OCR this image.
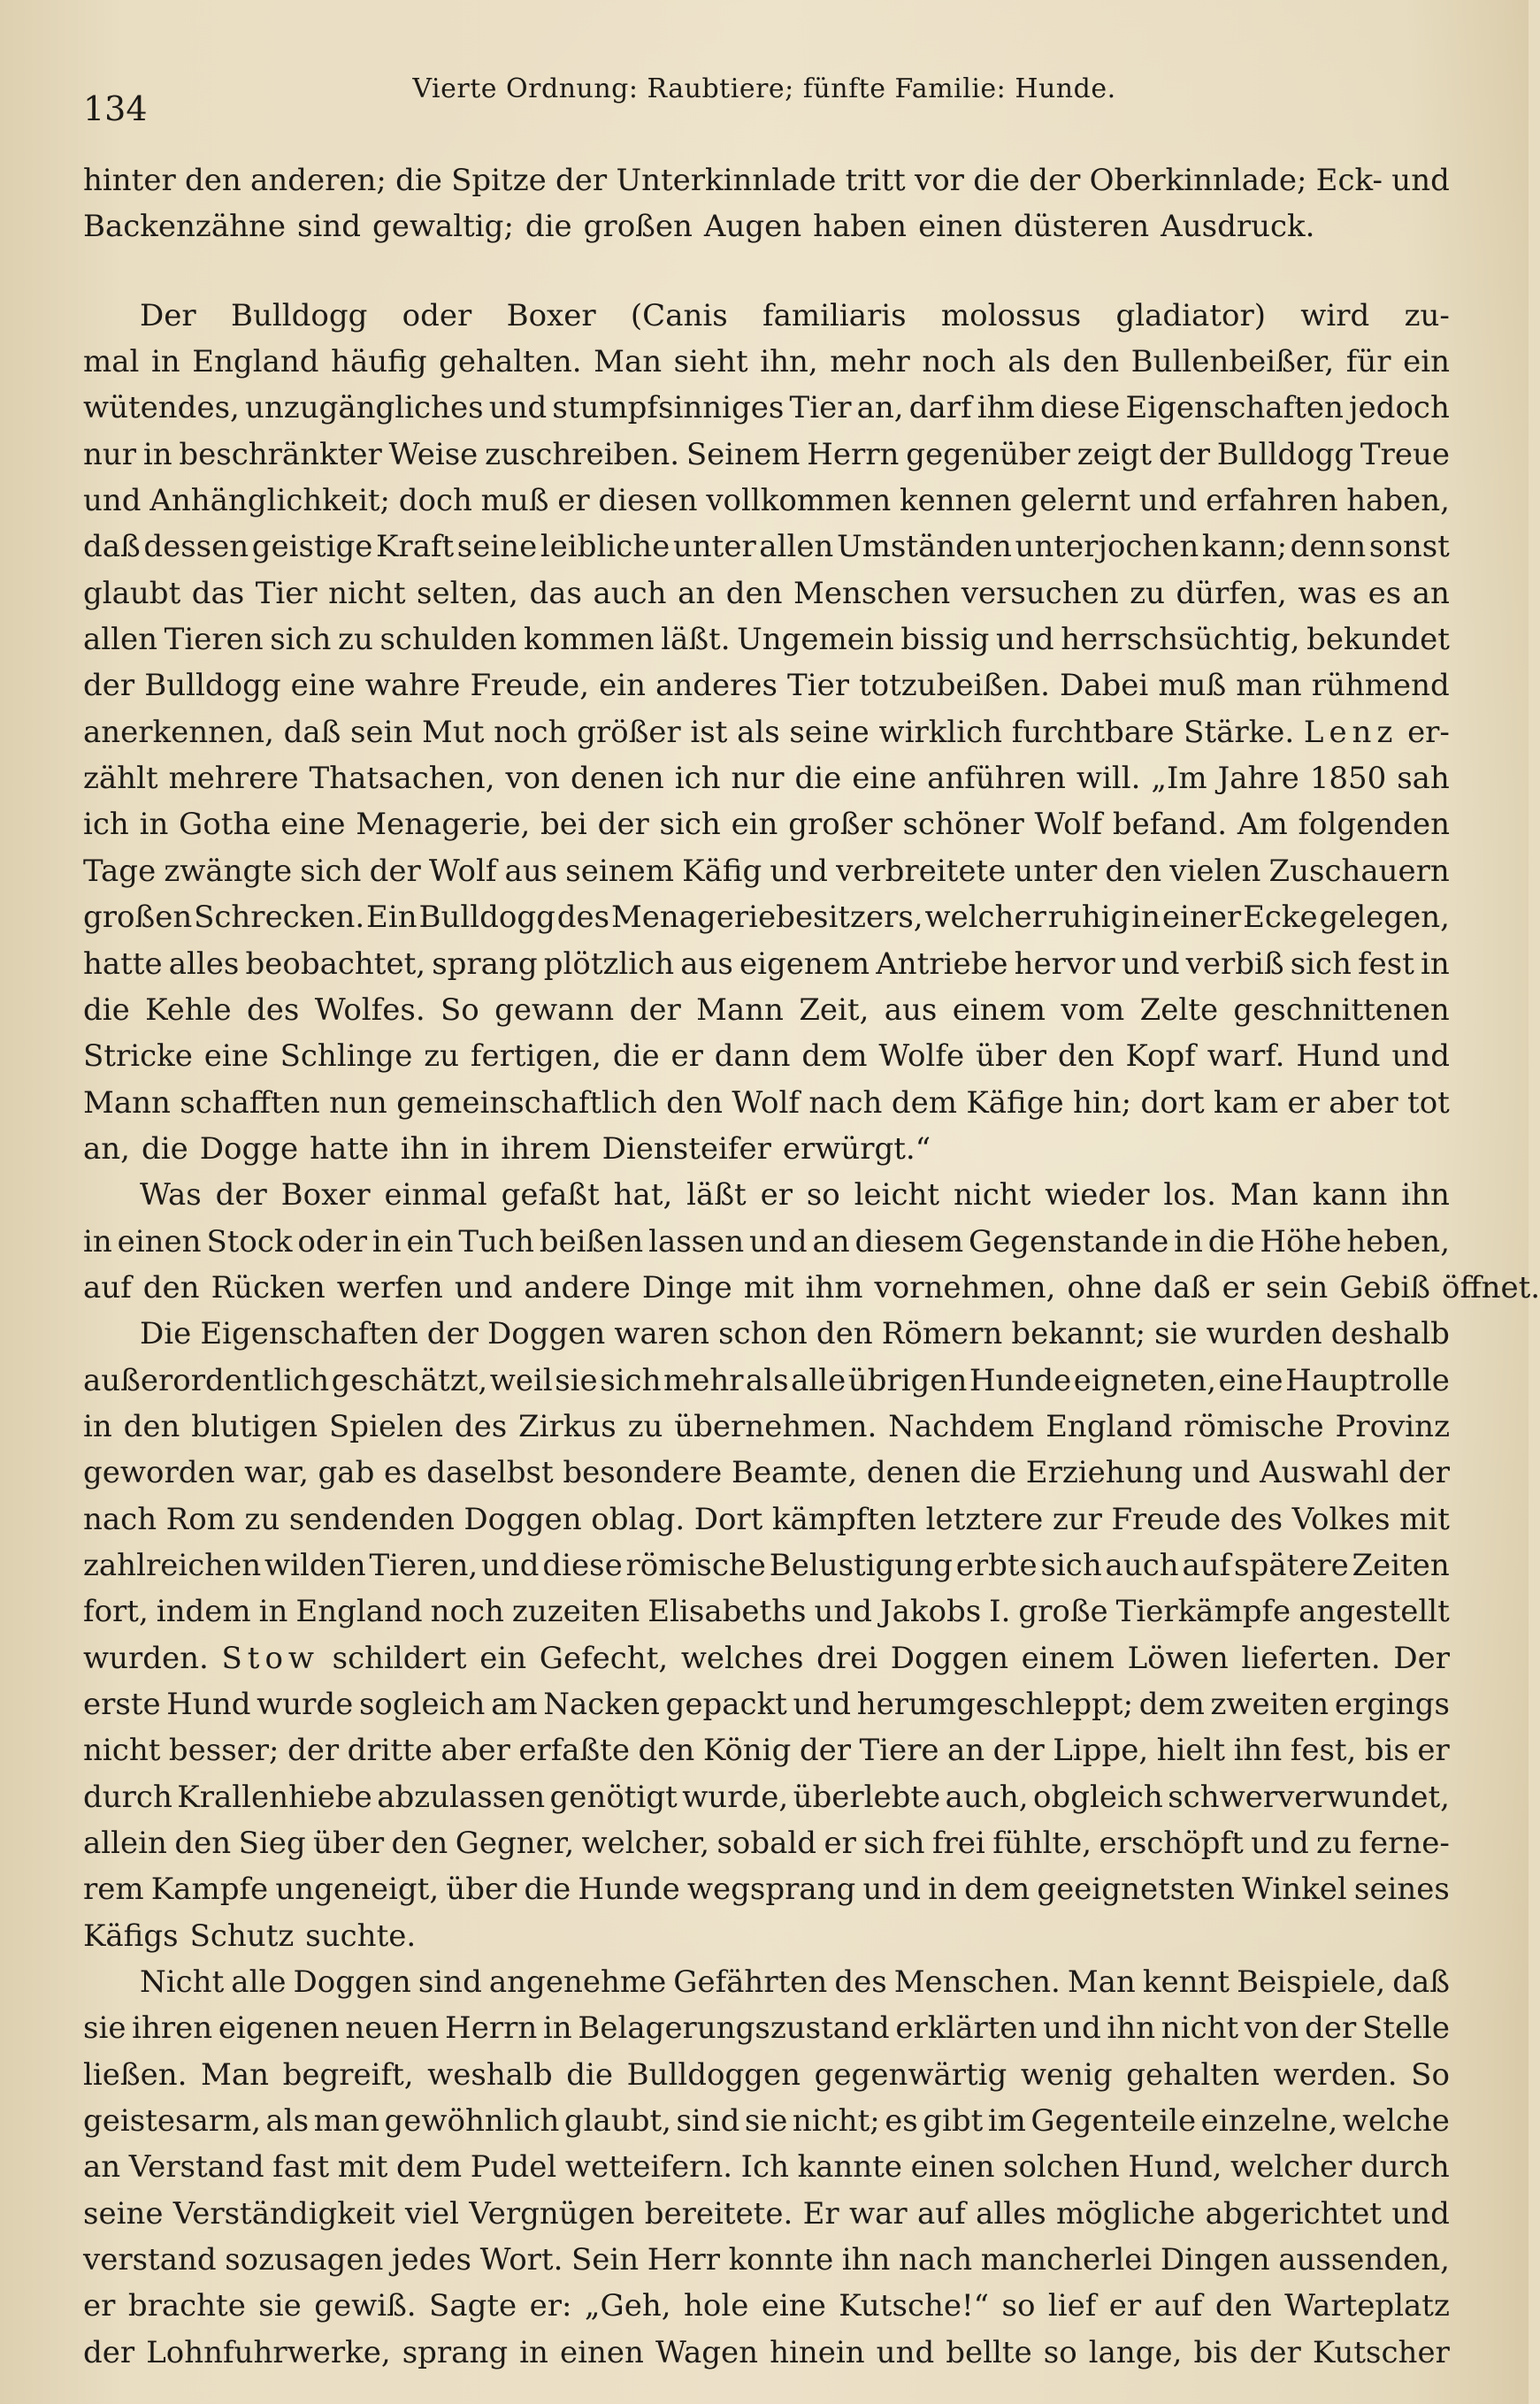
134
Vierte Ordnung: Raubtiere; fünfte Familie: Hunde.
hinter den anderen; die Spitze der Unterkinnlade tritt vor die der Oberkinnlade; Eck- und
Backenzähne sind gewaltig; die großen Augen haben einen düsteren Ausdruck.
Der Bulldogg oder Boxer (Canis familiaris molossus gladiator) wird zu-
mal in England häufig gehalten. Man sieht ihn, mehr noch als den Bullenbeißer, für ein
wütendes, unzugängliches und stumpfsinniges Tier an, darf ihm diese Eigenschaften jedoch
nur in beschränkter Weise zuschreiben. Seinem Herrn gegenüber zeigt der Bulldogg Treue
und Anhänglichkeit; doch muß er diesen vollkommen kennen gelernt und erfahren haben,
daß dessen geistige Kraft seine leibliche unter allen Umständen unterjochen kann; denn sonst
glaubt das Tier nicht selten, das auch an den Menschen versuchen zu dürfen, was es an
allen Tieren sich zu schulden kommen läßt. Ungemein bissig und herrschsüchtig, bekundet
der Bulldogg eine wahre Freude, ein anderes Tier totzubeißen. Dabei muß man rühmend
anerkennen, daß sein Mut noch größer ist als seine wirklich furchtbare Stärke. Lenz er-
zählt mehrere Thatsachen, von denen ich nur die eine anführen will. „Im Jahre 1850 sah
ich in Gotha eine Menagerie, bei der sich ein großer schöner Wolf befand. Am folgenden
Tage zwängte sich der Wolf aus seinem Käfig und verbreitete unter den vielen Zuschauern
großen Schrecken. Ein Bulldogg des Menageriebesitzers, welcher ruhig in einer Ecke gelegen,
hatte alles beobachtet, sprang plötzlich aus eigenem Antriebe hervor und verbiß sich fest in
die Kehle des Wolfes. So gewann der Mann Zeit, aus einem vom Zelte geschnittenen
Stricke eine Schlinge zu fertigen, die er dann dem Wolfe über den Kopf warf. Hund und
Mann schafften nun gemeinschaftlich den Wolf nach dem Käfige hin; dort kam er aber tot
an, die Dogge hatte ihn in ihrem Diensteifer erwürgt.“
Was der Boxer einmal gefaßt hat, läßt er so leicht nicht wieder los. Man kann ihn
in einen Stock oder in ein Tuch beißen lassen und an diesem Gegenstande in die Höhe heben,
auf den Rücken werfen und andere Dinge mit ihm vornehmen, ohne daß er sein Gebiß öffnet.
Die Eigenschaften der Doggen waren schon den Römern bekannt; sie wurden deshalb
außerordentlich geschätzt, weil sie sich mehr als alle übrigen Hunde eigneten, eine Hauptrolle
in den blutigen Spielen des Zirkus zu übernehmen. Nachdem England römische Provinz
geworden war, gab es daselbst besondere Beamte, denen die Erziehung und Auswahl der
nach Rom zu sendenden Doggen oblag. Dort kämpften letztere zur Freude des Volkes mit
zahlreichen wilden Tieren, und diese römische Belustigung erbte sich auch auf spätere Zeiten
fort, indem in England noch zuzeiten Elisabeths und Jakobs I. große Tierkämpfe angestellt
wurden. Stow schildert ein Gefecht, welches drei Doggen einem Löwen lieferten. Der
erste Hund wurde sogleich am Nacken gepackt und herumgeschleppt; dem zweiten ergings
nicht besser; der dritte aber erfaßte den König der Tiere an der Lippe, hielt ihn fest, bis er
durch Krallenhiebe abzulassen genötigt wurde, überlebte auch, obgleich schwerverwundet,
allein den Sieg über den Gegner, welcher, sobald er sich frei fühlte, erschöpft und zu ferne-
rem Kampfe ungeneigt, über die Hunde wegsprang und in dem geeignetsten Winkel seines
Käfigs Schutz suchte.
Nicht alle Doggen sind angenehme Gefährten des Menschen. Man kennt Beispiele, daß
sie ihren eigenen neuen Herrn in Belagerungszustand erklärten und ihn nicht von der Stelle
ließen. Man begreift, weshalb die Bulldoggen gegenwärtig wenig gehalten werden. So
geistesarm, als man gewöhnlich glaubt, sind sie nicht; es gibt im Gegenteile einzelne, welche
an Verstand fast mit dem Pudel wetteifern. Ich kannte einen solchen Hund, welcher durch
seine Verständigkeit viel Vergnügen bereitete. Er war auf alles mögliche abgerichtet und
verstand sozusagen jedes Wort. Sein Herr konnte ihn nach mancherlei Dingen aussenden,
er brachte sie gewiß. Sagte er: „Geh, hole eine Kutsche!“ so lief er auf den Warteplatz
der Lohnfuhrwerke, sprang in einen Wagen hinein und bellte so lange, bis der Kutscher
